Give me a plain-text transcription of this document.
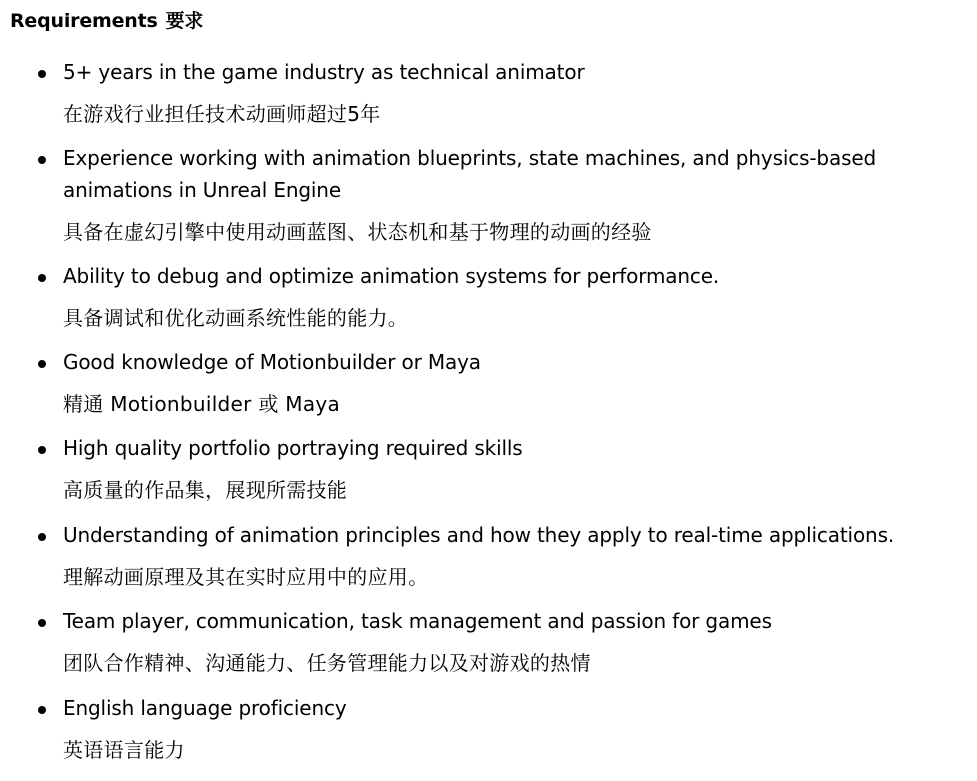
Requirements 要求
5+ years in the game industry as technical animator
在游戏行业担任技术动画师超过5年
Experience working with animation blueprints, state machines, and physics-based animations in Unreal Engine
具备在虚幻引擎中使用动画蓝图、状态机和基于物理的动画的经验
Ability to debug and optimize animation systems for performance.
具备调试和优化动画系统性能的能力。
Good knowledge of Motionbuilder or Maya
精通 Motionbuilder 或 Maya
High quality portfolio portraying required skills
高质量的作品集，展现所需技能
Understanding of animation principles and how they apply to real-time applications.
理解动画原理及其在实时应用中的应用。
Team player, communication, task management and passion for games
团队合作精神、沟通能力、任务管理能力以及对游戏的热情
English language proficiency
英语语言能力
